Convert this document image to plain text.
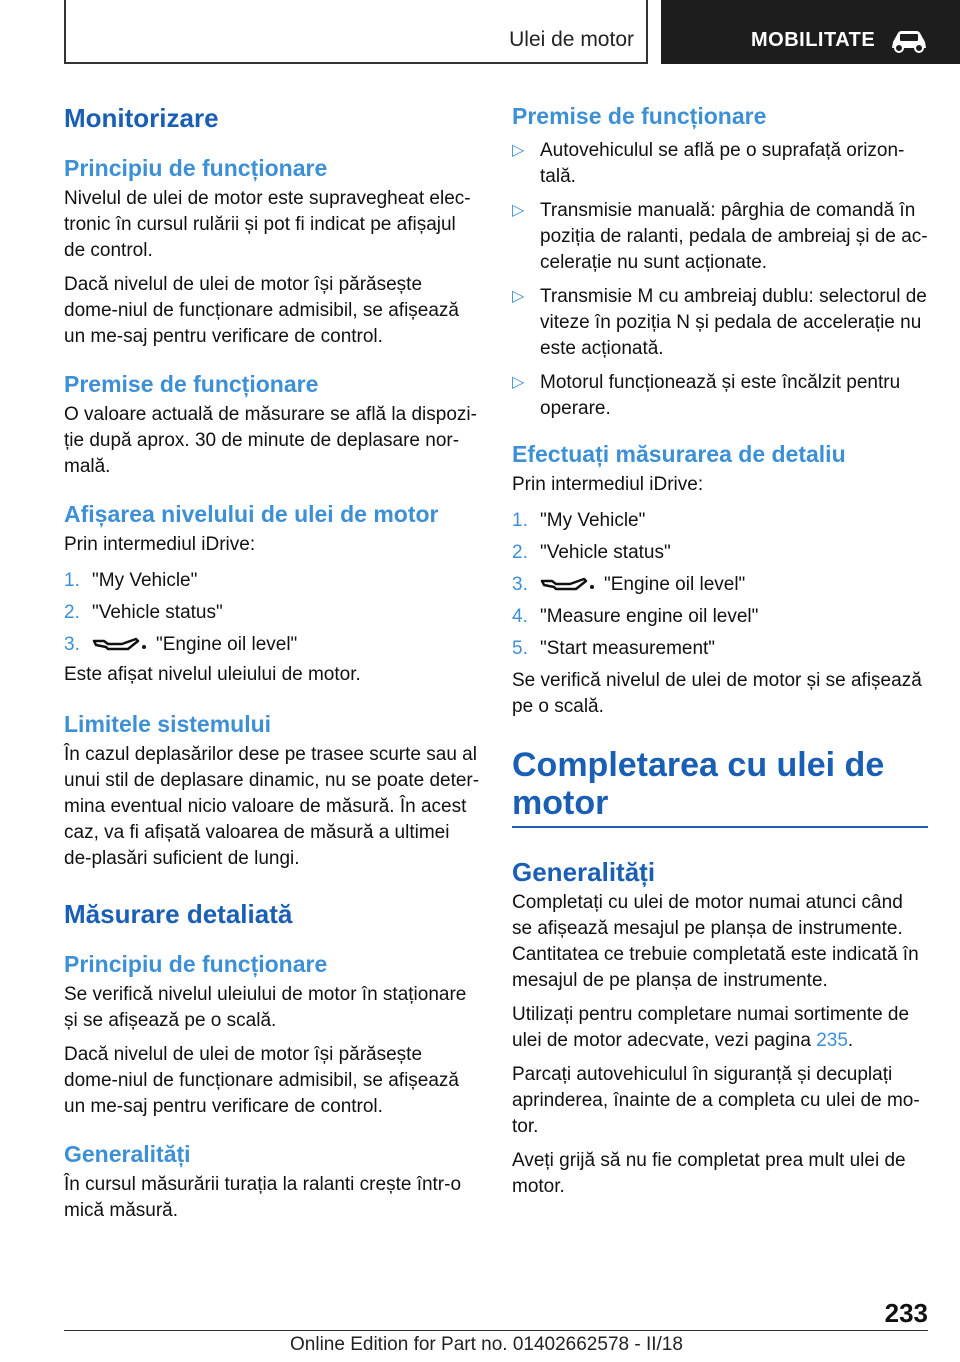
Ulei de motor	MOBILITATE
Monitorizare
Principiu de funcționare

Nivelul de ulei de motor este supravegheat elec-tronic în cursul rulării și pot fi indicat pe afișajul de control.

Dacă nivelul de ulei de motor își părăsește dome-niul de funcționare admisibil, se afișează un me-saj pentru verificare de control.

Premise de funcționare

O valoare actuală de măsurare se află la dispozi-ție după aprox. 30 de minute de deplasare nor-mală.

Afișarea nivelului de ulei de motor

Prin intermediul iDrive:

1. "My Vehicle"
2. "Vehicle status"
3.	"Engine oil level"

Este afișat nivelul uleiului de motor.

Limitele sistemului

În cazul deplasărilor dese pe trasee scurte sau al unui stil de deplasare dinamic, nu se poate deter-mina eventual nicio valoare de măsură. În acest caz, va fi afișată valoarea de măsură a ultimei de-plasări suficient de lungi.

Măsurare detaliată
Principiu de funcționare

Se verifică nivelul uleiului de motor în staționare și se afișează pe o scală.

Dacă nivelul de ulei de motor își părăsește dome-niul de funcționare admisibil, se afișează un me-saj pentru verificare de control.

Generalități

În cursul măsurării turația la ralanti crește într-o mică măsură.

Premise de funcționare
▷ Autovehiculul se află pe o suprafață orizon-tală.
▷ Transmisie manuală: pârghia de comandă în poziția de ralanti, pedala de ambreiaj și de ac-celerație nu sunt acționate.
▷ Transmisie M cu ambreiaj dublu: selectorul de viteze în poziția N și pedala de accelerație nu este acționată.
▷ Motorul funcționează și este încălzit pentru operare.
Efectuați măsurarea de detaliu

Prin intermediul iDrive:

1. "My Vehicle"
2. "Vehicle status"
3.	"Engine oil level"
4. "Measure engine oil level"
5. "Start measurement"

Se verifică nivelul de ulei de motor și se afișează pe o scală.

Completarea cu ulei de motor
Generalități

Completați cu ulei de motor numai atunci când se afișează mesajul pe planșa de instrumente. Cantitatea ce trebuie completată este indicată în mesajul de pe planșa de instrumente.

Utilizați pentru completare numai sortimente de ulei de motor adecvate, vezi pagina 235.

Parcați autovehiculul în siguranță și decuplați aprinderea, înainte de a completa cu ulei de mo-tor.

Aveți grijă să nu fie completat prea mult ulei de motor.

233
Online Edition for Part no. 01402662578 - II/18
